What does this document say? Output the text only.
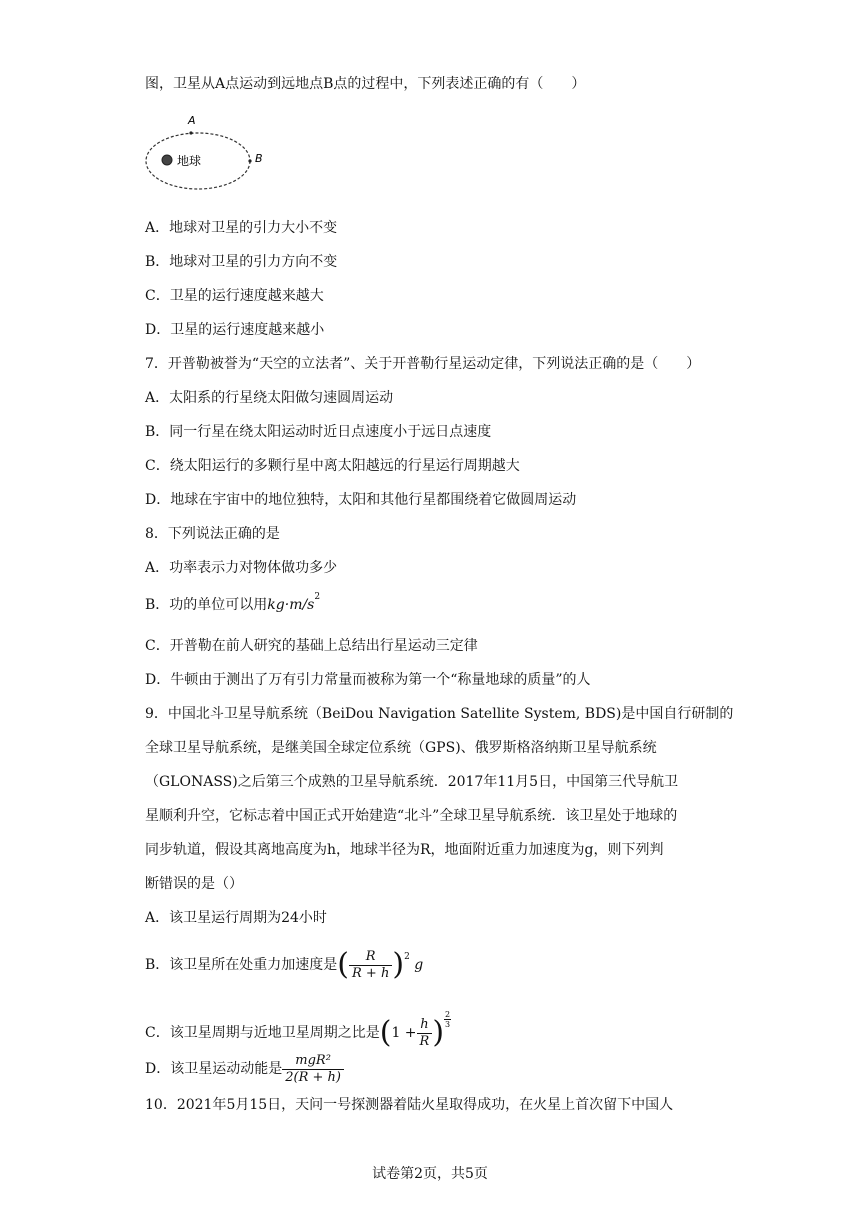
图，卫星从A点运动到远地点B点的过程中，下列表述正确的有（　　）
地球
A
B
A．地球对卫星的引力大小不变
B．地球对卫星的引力方向不变
C．卫星的运行速度越来越大
D．卫星的运行速度越来越小
7．开普勒被誉为“天空的立法者”、关于开普勒行星运动定律，下列说法正确的是（　　）
A．太阳系的行星绕太阳做匀速圆周运动
B．同一行星在绕太阳运动时近日点速度小于远日点速度
C．绕太阳运行的多颗行星中离太阳越远的行星运行周期越大
D．地球在宇宙中的地位独特，太阳和其他行星都围绕着它做圆周运动
8．下列说法正确的是
A．功率表示力对物体做功多少
B．功的单位可以用$kg\cdot m/s^2$
C．开普勒在前人研究的基础上总结出行星运动三定律
D．牛顿由于测出了万有引力常量而被称为第一个“称量地球的质量”的人
9．中国北斗卫星导航系统（BeiDou Navigation Satellite System, BDS)是中国自行研制的
全球卫星导航系统，是继美国全球定位系统（GPS)、俄罗斯格洛纳斯卫星导航系统
（GLONASS)之后第三个成熟的卫星导航系统．2017年11月5日，中国第三代导航卫
星顺利升空，它标志着中国正式开始建造“北斗”全球卫星导航系统．该卫星处于地球的
同步轨道，假设其离地高度为h，地球半径为R，地面附近重力加速度为g，则下列判
断错误的是（）
A．该卫星运行周期为24小时
B．该卫星所在处重力加速度是( $\frac{R}{R + h} )^2$ g
C．该卫星周期与近地卫星周期之比是($1 + \frac{h}{R}$ ) $\frac{2}{3}$
D．该卫星运动动能是 $\frac{\text{mgR²}}{2(R + h)}$
10．2021年5月15日，天问一号探测器着陆火星取得成功，在火星上首次留下中国人
试卷第2页，共5页
